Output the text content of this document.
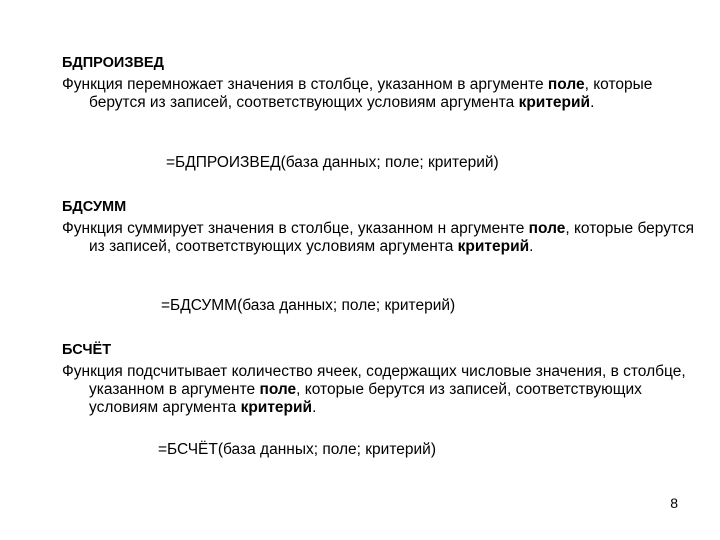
БДПРОИЗВЕД

Функция перемножает значения в столбце, указанном в аргументе поле, которые берутся из записей, соответствующих условиям аргумента критерий.

=БДПРОИЗВЕД(база данных; поле; критерий)
БДСУММ

Функция суммирует значения в столбце, указанном н аргументе поле, которые берутся из записей, соответствующих условиям аргумента критерий.

=БДСУММ(база данных; поле; критерий)
БСЧЁТ

Функция подсчитывает количество ячеек, содержащих числовые значения, в столбце, указанном в аргументе поле, которые берутся из записей, соответствующих условиям аргумента критерий.

=БСЧЁТ(база данных; поле; критерий)
8
